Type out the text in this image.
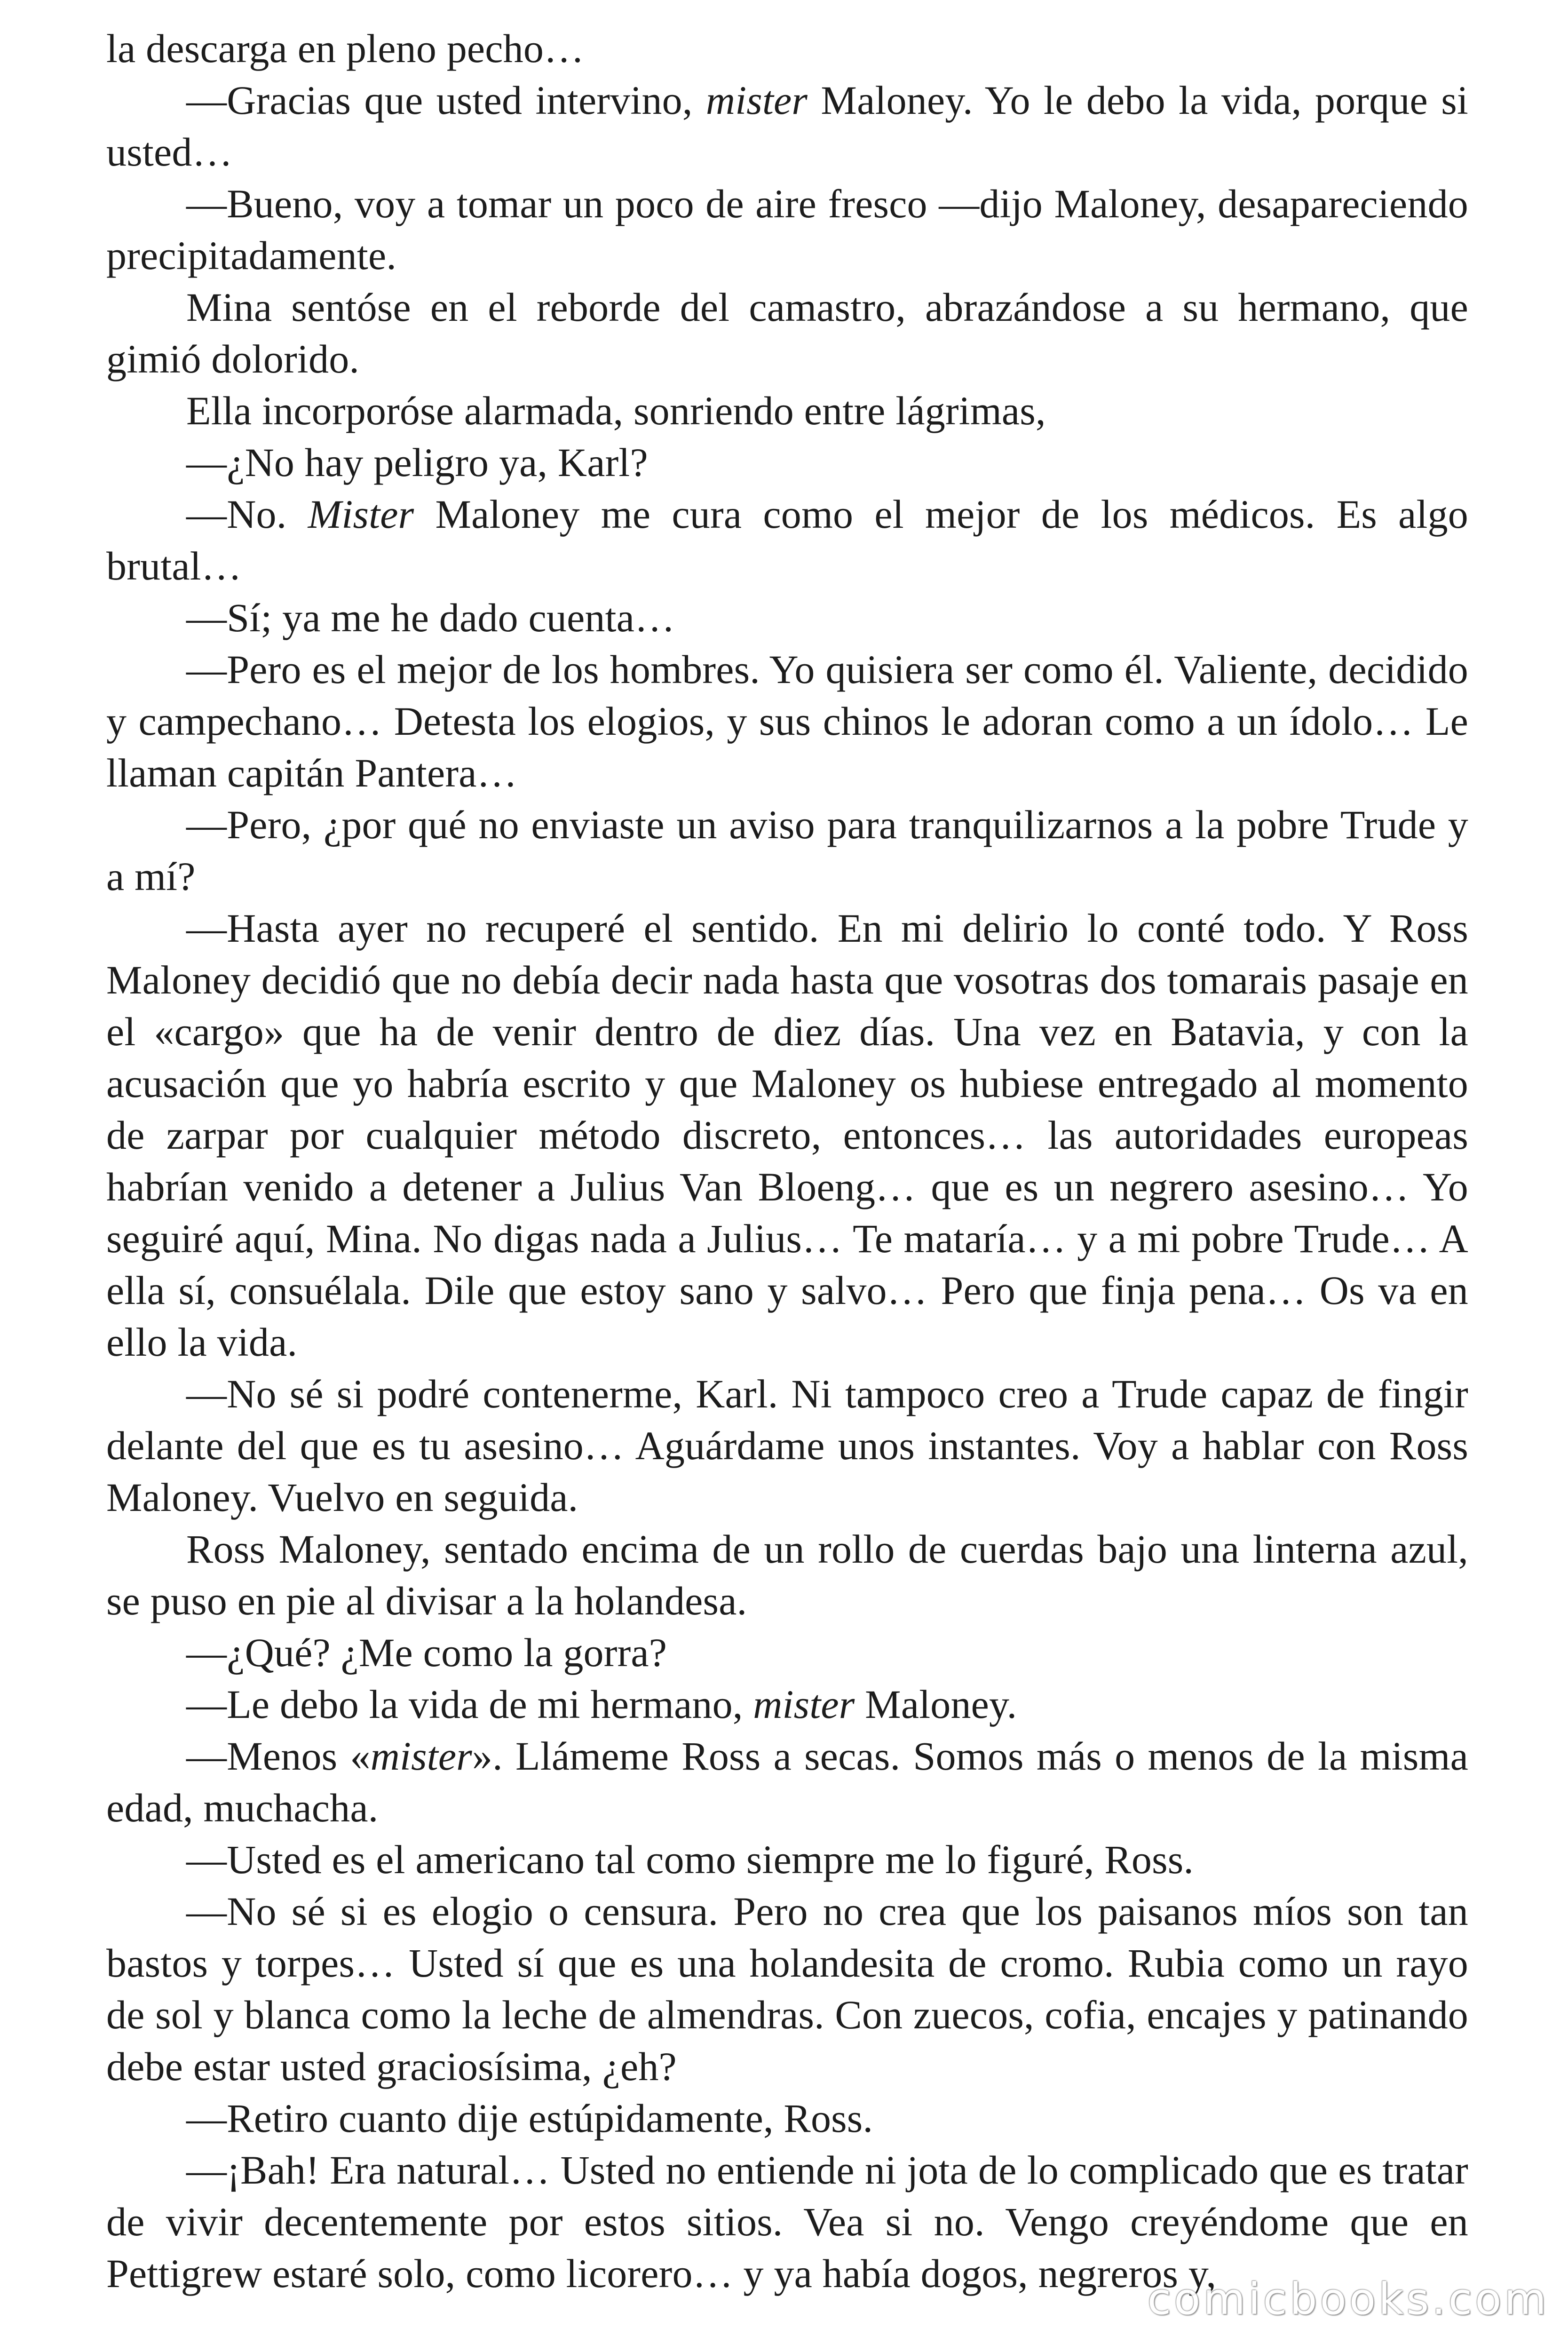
la descarga en pleno pecho…

—Gracias que usted intervino, mister Maloney. Yo le debo la vida, porque si usted…

—Bueno, voy a tomar un poco de aire fresco —dijo Maloney, desapareciendo precipitadamente.

Mina sentóse en el reborde del camastro, abrazándose a su hermano, que gimió dolorido.

Ella incorporóse alarmada, sonriendo entre lágrimas,

—¿No hay peligro ya, Karl?

—No. Mister Maloney me cura como el mejor de los médicos. Es algo brutal…

—Sí; ya me he dado cuenta…

—Pero es el mejor de los hombres. Yo quisiera ser como él. Valiente, decidido y campechano… Detesta los elogios, y sus chinos le adoran como a un ídolo… Le llaman capitán Pantera…

—Pero, ¿por qué no enviaste un aviso para tranquilizarnos a la pobre Trude y a mí?

—Hasta ayer no recuperé el sentido. En mi delirio lo conté todo. Y Ross Maloney decidió que no debía decir nada hasta que vosotras dos tomarais pasaje en el «cargo» que ha de venir dentro de diez días. Una vez en Batavia, y con la acusación que yo habría escrito y que Maloney os hubiese entregado al momento de zarpar por cualquier método discreto, entonces… las autoridades europeas habrían venido a detener a Julius Van Bloeng… que es un negrero asesino… Yo seguiré aquí, Mina. No digas nada a Julius… Te mataría… y a mi pobre Trude… A ella sí, consuélala. Dile que estoy sano y salvo… Pero que finja pena… Os va en ello la vida.

—No sé si podré contenerme, Karl. Ni tampoco creo a Trude capaz de fingir delante del que es tu asesino… Aguárdame unos instantes. Voy a hablar con Ross Maloney. Vuelvo en seguida.

Ross Maloney, sentado encima de un rollo de cuerdas bajo una linterna azul, se puso en pie al divisar a la holandesa.

—¿Qué? ¿Me como la gorra?

—Le debo la vida de mi hermano, mister Maloney.

—Menos «mister». Llámeme Ross a secas. Somos más o menos de la misma edad, muchacha.

—Usted es el americano tal como siempre me lo figuré, Ross.

—No sé si es elogio o censura. Pero no crea que los paisanos míos son tan bastos y torpes… Usted sí que es una holandesita de cromo. Rubia como un rayo de sol y blanca como la leche de almendras. Con zuecos, cofia, encajes y patinando debe estar usted graciosísima, ¿eh?

—Retiro cuanto dije estúpidamente, Ross.

—¡Bah! Era natural… Usted no entiende ni jota de lo complicado que es tratar de vivir decentemente por estos sitios. Vea si no. Vengo creyéndome que en Pettigrew estaré solo, como licorero… y ya había dogos, negreros y,

comicbooks.com
